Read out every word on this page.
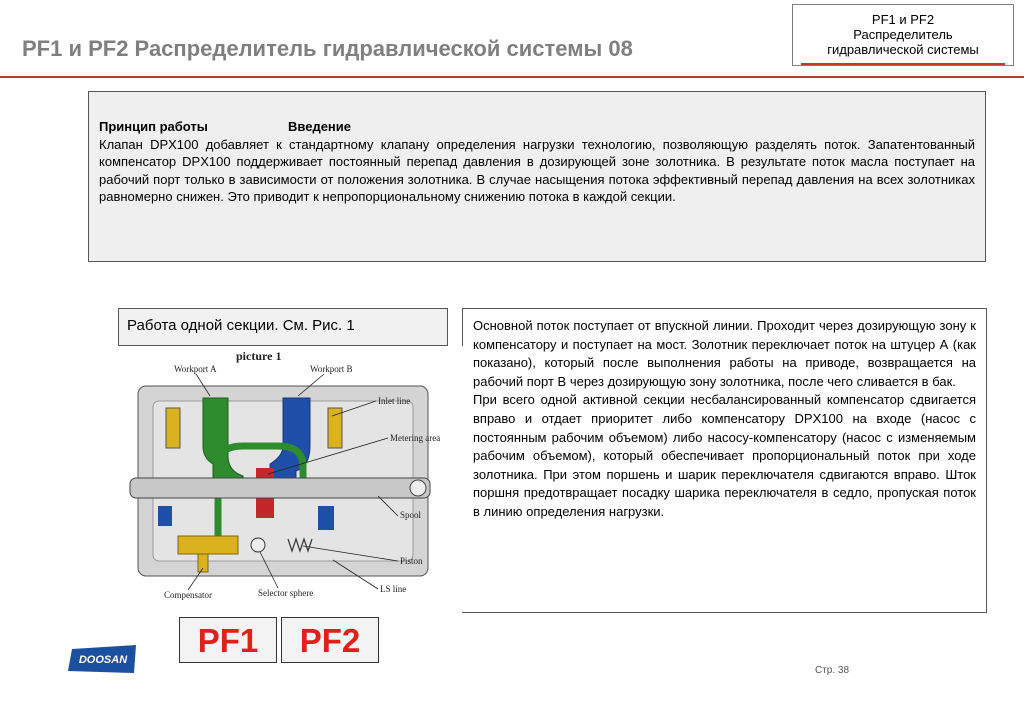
PF1 и PF2 Распределитель гидравлической системы 08
PF1 и PF2
Распределитель
гидравлической системы
Принцип работы	Введение
Клапан DPX100 добавляет к стандартному клапану определения нагрузки технологию, позволяющую разделять поток. Запатентованный компенсатор DPX100 поддерживает постоянный перепад давления в дозирующей зоне золотника. В результате поток масла поступает на рабочий порт только в зависимости от положения золотника. В случае насыщения потока эффективный перепад давления на всех золотниках равномерно снижен. Это приводит к непропорциональному снижению потока в каждой секции.
Работа одной секции. См. Рис. 1	Основной поток поступает от впускной линии. Проходит через дозирующую зону к компенсатору и поступает на мост. Золотник переключает поток на штуцер А (как показано), который после выполнения работы на приводе, возвращается на рабочий порт В через дозирующую зону золотника, после чего сливается в бак.

При всего одной активной секции несбалансированный компенсатор сдвигается вправо и отдает приоритет либо компенсатору DPX100 на входе (насос с постоянным рабочим объемом) либо насосу-компенсатору (насос с изменяемым рабочим объемом), который обеспечивает пропорциональный поток при ходе золотника. При этом поршень и шарик переключателя сдвигаются вправо. Шток поршня предотвращает посадку шарика переключателя в седло, пропуская поток в линию определения нагрузки.

picture 1
Workport A	Workport B
Inlet line
Metering area
Spool
Piston
Compensator	Selector sphere	LS line
PF1	PF2
DOOSAN
Стр. 38
